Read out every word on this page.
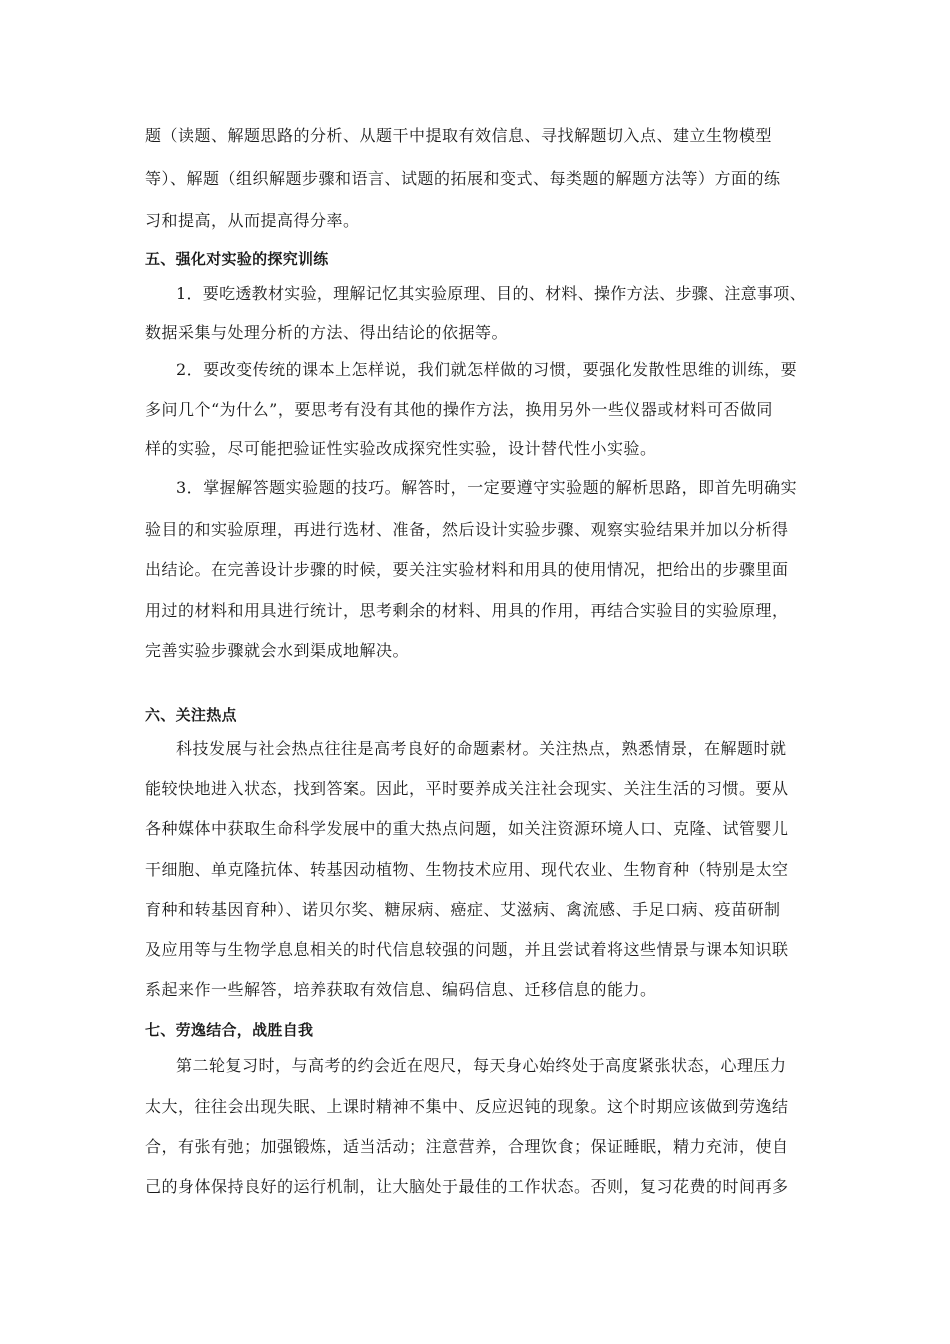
题（读题、解题思路的分析、从题干中提取有效信息、寻找解题切入点、建立生物模型
等）、解题（组织解题步骤和语言、试题的拓展和变式、每类题的解题方法等）方面的练
习和提高，从而提高得分率。
五、强化对实验的探究训练
1．要吃透教材实验，理解记忆其实验原理、目的、材料、操作方法、步骤、注意事项、
数据采集与处理分析的方法、得出结论的依据等。
2．要改变传统的课本上怎样说，我们就怎样做的习惯，要强化发散性思维的训练，要
多问几个“为什么”，要思考有没有其他的操作方法，换用另外一些仪器或材料可否做同
样的实验，尽可能把验证性实验改成探究性实验，设计替代性小实验。
3．掌握解答题实验题的技巧。解答时，一定要遵守实验题的解析思路，即首先明确实
验目的和实验原理，再进行选材、准备，然后设计实验步骤、观察实验结果并加以分析得
出结论。在完善设计步骤的时候，要关注实验材料和用具的使用情况，把给出的步骤里面
用过的材料和用具进行统计，思考剩余的材料、用具的作用，再结合实验目的实验原理，
完善实验步骤就会水到渠成地解决。
六、关注热点
科技发展与社会热点往往是高考良好的命题素材。关注热点，熟悉情景，在解题时就
能较快地进入状态，找到答案。因此，平时要养成关注社会现实、关注生活的习惯。要从
各种媒体中获取生命科学发展中的重大热点问题，如关注资源环境人口、克隆、试管婴儿
干细胞、单克隆抗体、转基因动植物、生物技术应用、现代农业、生物育种（特别是太空
育种和转基因育种）、诺贝尔奖、糖尿病、癌症、艾滋病、禽流感、手足口病、疫苗研制
及应用等与生物学息息相关的时代信息较强的问题，并且尝试着将这些情景与课本知识联
系起来作一些解答，培养获取有效信息、编码信息、迁移信息的能力。
七、劳逸结合，战胜自我
第二轮复习时，与高考的约会近在咫尺，每天身心始终处于高度紧张状态，心理压力
太大，往往会出现失眠、上课时精神不集中、反应迟钝的现象。这个时期应该做到劳逸结
合，有张有弛；加强锻炼，适当活动；注意营养，合理饮食；保证睡眠，精力充沛，使自
己的身体保持良好的运行机制，让大脑处于最佳的工作状态。否则，复习花费的时间再多
